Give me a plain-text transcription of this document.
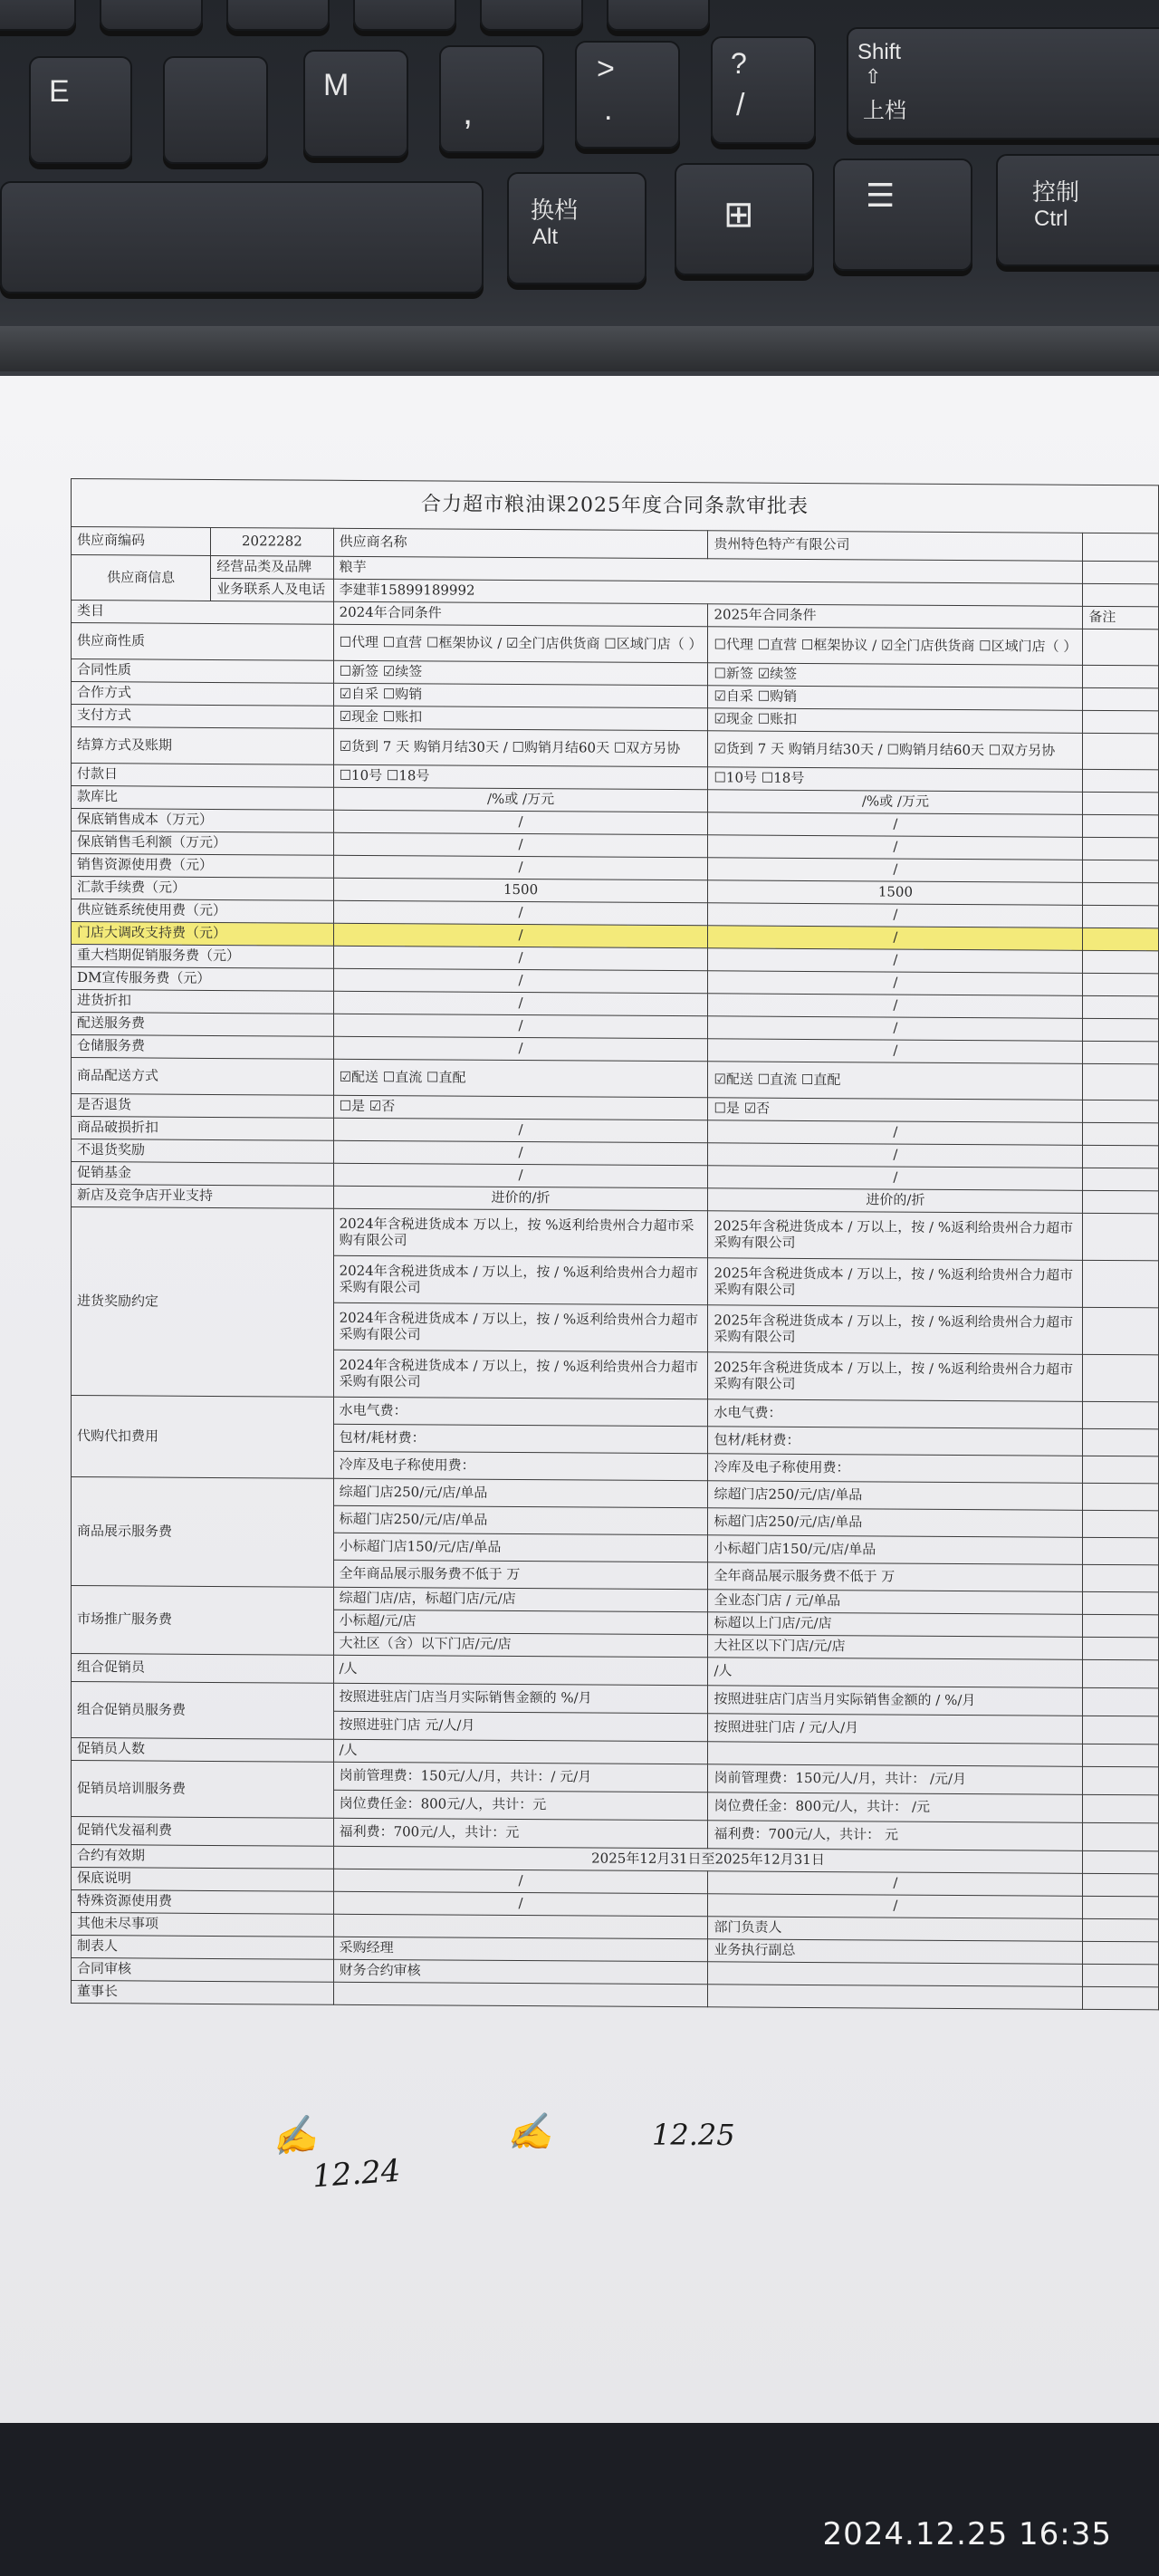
E	M
,
>
.
?
/
Shift
⇧
上档
换档
Alt
⊞	☰	控制
Ctrl
合力超市粮油课2025年度合同条款审批表				
供应商编码	2022282	供应商名称	贵州特色特产有限公司	
供应商信息	经营品类及品牌	粮芋		
	业务联系人及电话	李建菲15899189992		
类目		2024年合同条件	2025年合同条件	备注
供应商性质		☐代理 ☐直营 ☐框架协议 / ☑全门店供货商 ☐区域门店（ ）	☐代理 ☐直营 ☐框架协议 / ☑全门店供货商 ☐区域门店（ ）	
合同性质		☐新签 ☑续签	☐新签 ☑续签	
合作方式		☑自采 ☐购销	☑自采 ☐购销	
支付方式		☑现金 ☐账扣	☑现金 ☐账扣	
结算方式及账期		☑货到 7 天 购销月结30天 / ☐购销月结60天 ☐双方另协	☑货到 7 天 购销月结30天 / ☐购销月结60天 ☐双方另协	
付款日		☐10号 ☐18号	☐10号 ☐18号	
款库比		/%或 /万元	/%或 /万元	
保底销售成本（万元）		/	/	
保底销售毛利额（万元）		/	/	
销售资源使用费（元）		/	/	
汇款手续费（元）		1500	1500	
供应链系统使用费（元）		/	/	
门店大调改支持费（元）		/	/	
重大档期促销服务费（元）		/	/	
DM宣传服务费（元）		/	/	
进货折扣		/	/	
配送服务费		/	/	
仓储服务费		/	/	
商品配送方式		☑配送 ☐直流 ☐直配	☑配送 ☐直流 ☐直配	
是否退货		☐是 ☑否	☐是 ☑否	
商品破损折扣		/	/	
不退货奖励		/	/	
促销基金		/	/	
新店及竞争店开业支持		进价的/折	进价的/折	
进货奖励约定		2024年含税进货成本 万以上，按 %返利给贵州合力超市采购有限公司	2025年含税进货成本 / 万以上，按 / %返利给贵州合力超市采购有限公司	
		2024年含税进货成本 / 万以上，按 / %返利给贵州合力超市采购有限公司	2025年含税进货成本 / 万以上，按 / %返利给贵州合力超市采购有限公司	
		2024年含税进货成本 / 万以上，按 / %返利给贵州合力超市采购有限公司	2025年含税进货成本 / 万以上，按 / %返利给贵州合力超市采购有限公司	
		2024年含税进货成本 / 万以上，按 / %返利给贵州合力超市采购有限公司	2025年含税进货成本 / 万以上，按 / %返利给贵州合力超市采购有限公司	
代购代扣费用		水电气费：	水电气费：	
		包材/耗材费：	包材/耗材费：	
		冷库及电子称使用费：	冷库及电子称使用费：	
商品展示服务费		综超门店250/元/店/单品	综超门店250/元/店/单品	
		标超门店250/元/店/单品	标超门店250/元/店/单品	
		小标超门店150/元/店/单品	小标超门店150/元/店/单品	
		全年商品展示服务费不低于 万	全年商品展示服务费不低于 万	
市场推广服务费		综超门店/店，标超门店/元/店	全业态门店 / 元/单品	
		小标超/元/店	标超以上门店/元/店	
		大社区（含）以下门店/元/店	大社区以下门店/元/店	
组合促销员		/人	/人	
组合促销员服务费		按照进驻店门店当月实际销售金额的 %/月	按照进驻店门店当月实际销售金额的 / %/月	
		按照进驻门店 元/人/月	按照进驻门店 / 元/人/月	
促销员人数		/人		
促销员培训服务费		岗前管理费：150元/人/月，共计：/ 元/月	岗前管理费：150元/人/月，共计： /元/月	
		岗位费任金：800元/人，共计：元	岗位费任金：800元/人，共计： /元	
促销代发福利费		福利费：700元/人，共计：元	福利费：700元/人，共计： 元	
合约有效期		2025年12月31日至2025年12月31日		
保底说明		/	/	
特殊资源使用费		/	/	
其他未尽事项			部门负责人	
制表人		采购经理	业务执行副总	
合同审核		财务合约审核		
董事长				
✍
12.24
✍	12.25
2024.12.25 16:35
